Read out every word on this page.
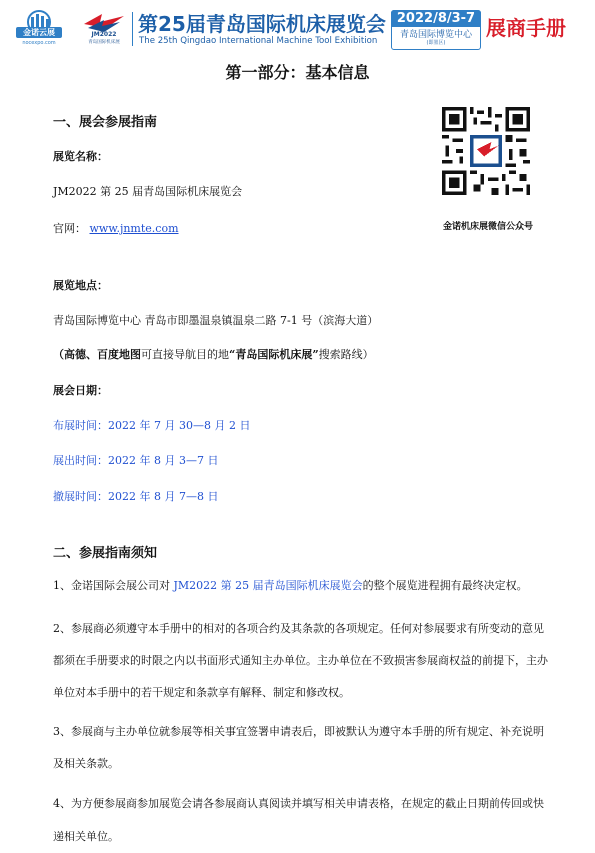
金诺云展
nocexpo.com
JM2022
青岛国际机床展
第25届青岛国际机床展览会
The 25th Qingdao International Machine Tool Exhibition
2022/8/3-7
青岛国际博览中心
(即墨区)
展商手册
第一部分：基本信息
一、展会参展指南
展览名称：
JM2022 第 25 届青岛国际机床展览会
官网： www.jnmte.com	金诺机床展微信公众号
展览地点：
青岛国际博览中心 青岛市即墨温泉镇温泉二路 7-1 号（滨海大道）
（高德、百度地图可直接导航目的地“青岛国际机床展”搜索路线）
展会日期：
布展时间：2022 年 7 月 30—8 月 2 日
展出时间：2022 年 8 月 3—7 日
撤展时间：2022 年 8 月 7—8 日
二、参展指南须知
1、金诺国际会展公司对 JM2022 第 25 届青岛国际机床展览会的整个展览进程拥有最终决定权。
2、参展商必须遵守本手册中的相对的各项合约及其条款的各项规定。任何对参展要求有所变动的意见都须在手册要求的时限之内以书面形式通知主办单位。主办单位在不致损害参展商权益的前提下，主办单位对本手册中的若干规定和条款享有解释、制定和修改权。
3、参展商与主办单位就参展等相关事宜签署申请表后，即被默认为遵守本手册的所有规定、补充说明及相关条款。
4、为方便参展商参加展览会请各参展商认真阅读并填写相关申请表格，在规定的截止日期前传回或快递相关单位。
